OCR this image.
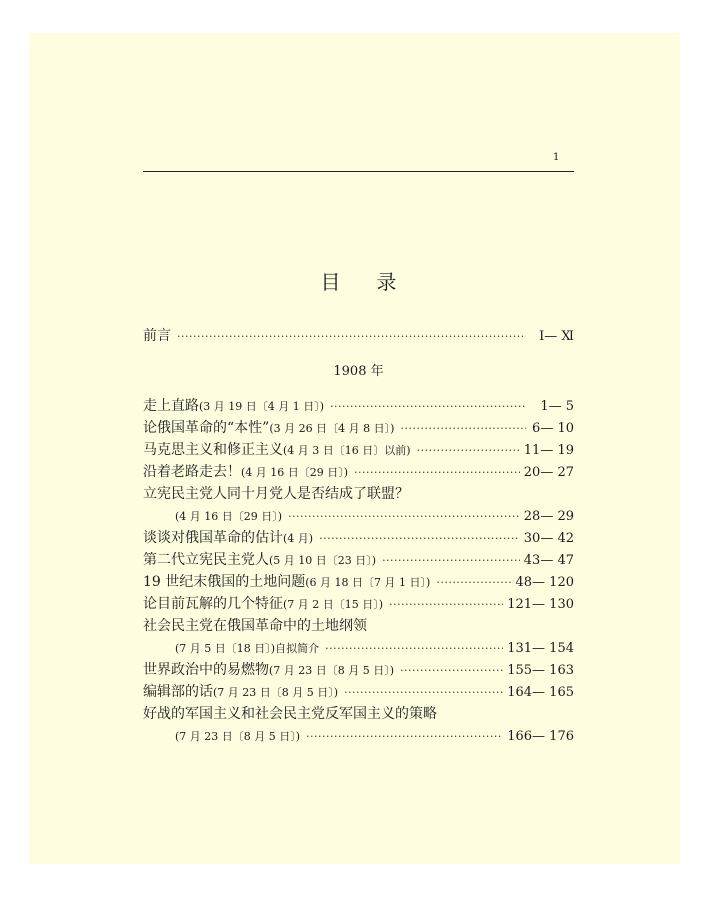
1
目录
前言 ·····	Ⅰ— Ⅺ
1908 年
走上直路 (3 月 19 日〔4 月 1 日〕) ·····	1— 5
论俄国革命的“本性” (3 月 26 日〔4 月 8 日〕) ·····	6— 10
马克思主义和修正主义 (4 月 3 日〔16 日〕以前) ·····	11— 19
沿着老路走去！ (4 月 16 日〔29 日〕) ·····	20— 27
立宪民主党人同十月党人是否结成了联盟？
(4 月 16 日〔29 日〕) ·····	28— 29
谈谈对俄国革命的估计 (4 月) ·····	30— 42
第二代立宪民主党人 (5 月 10 日〔23 日〕) ·····	43— 47
19 世纪末俄国的土地问题 (6 月 18 日〔7 月 1 日〕) ·····	48— 120
论目前瓦解的几个特征 (7 月 2 日〔15 日〕) ·····	121— 130
社会民主党在俄国革命中的土地纲领
(7 月 5 日〔18 日〕)自拟简介 ·····	131— 154
世界政治中的易燃物 (7 月 23 日〔8 月 5 日〕) ·····	155— 163
编辑部的话 (7 月 23 日〔8 月 5 日〕) ·····	164— 165
好战的军国主义和社会民主党反军国主义的策略
(7 月 23 日〔8 月 5 日〕) ·····	166— 176
